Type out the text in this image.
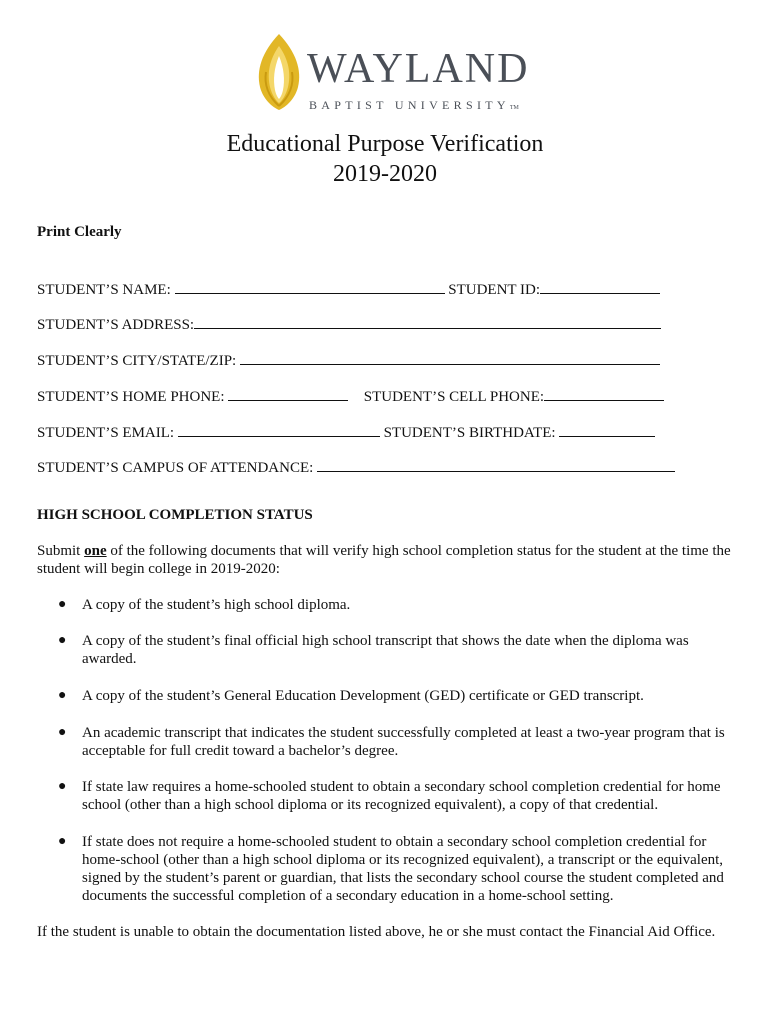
WAYLAND
BAPTIST UNIVERSITYTM
Educational Purpose Verification
2019-2020
Print Clearly
STUDENT’S NAME:	STUDENT ID:
STUDENT’S ADDRESS:
STUDENT’S CITY/STATE/ZIP:
STUDENT’S HOME PHONE:	STUDENT’S CELL PHONE:
STUDENT’S EMAIL:	STUDENT’S BIRTHDATE:
STUDENT’S CAMPUS OF ATTENDANCE:
HIGH SCHOOL COMPLETION STATUS
Submit one of the following documents that will verify high school completion status for the student at the time the student will begin college in 2019-2020:
● A copy of the student’s high school diploma.
● A copy of the student’s final official high school transcript that shows the date when the diploma was awarded.
● A copy of the student’s General Education Development (GED) certificate or GED transcript.
● An academic transcript that indicates the student successfully completed at least a two-year program that is acceptable for full credit toward a bachelor’s degree.
● If state law requires a home-schooled student to obtain a secondary school completion credential for home school (other than a high school diploma or its recognized equivalent), a copy of that credential.
● If state does not require a home-schooled student to obtain a secondary school completion credential for home-school (other than a high school diploma or its recognized equivalent), a transcript or the equivalent, signed by the student’s parent or guardian, that lists the secondary school course the student completed and documents the successful completion of a secondary education in a home-school setting.
If the student is unable to obtain the documentation listed above, he or she must contact the Financial Aid Office.
